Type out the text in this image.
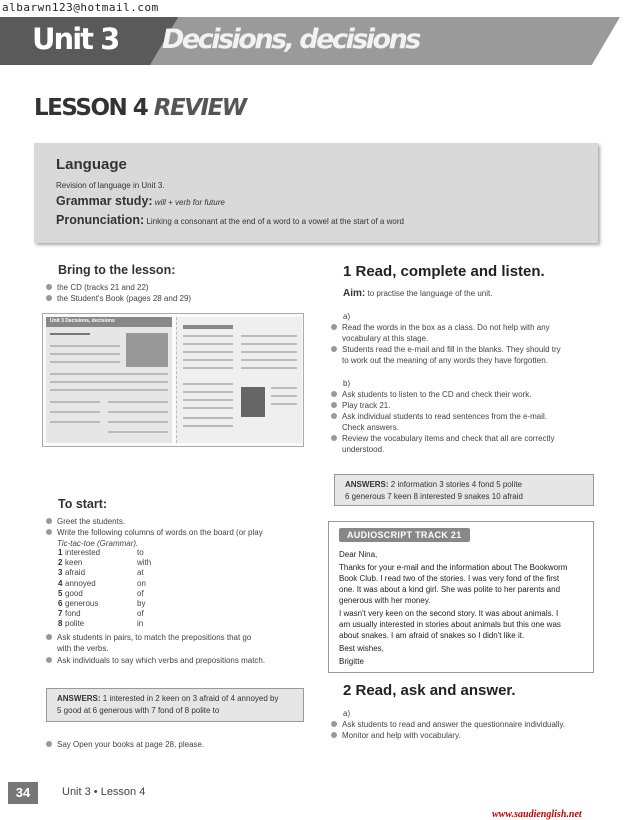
albarwn123@hotmail.com
Unit 3 Decisions, decisions
LESSON 4 REVIEW
Language
Revision of language in Unit 3.
Grammar study: will + verb for future
Pronunciation: Linking a consonant at the end of a word to a vowel at the start of a word
Bring to the lesson:
the CD (tracks 21 and 22)
the Student's Book (pages 28 and 29)
Unit 3 Decisions, decisions
To start:
Greet the students.
Write the following columns of words on the board (or play
Tic-tac-toe (Grammar).
1 interested	to
2 keen	with
3 afraid	at
4 annoyed	on
5 good	of
6 generous	by
7 fond	of
8 polite	in
Ask students in pairs, to match the prepositions that go
with the verbs.
Ask individuals to say which verbs and prepositions match.
ANSWERS: 1 interested in 2 keen on 3 afraid of 4 annoyed by
5 good at 6 generous with 7 fond of 8 polite to
Say Open your books at page 28, please.
1 Read, complete and listen.
Aim: to practise the language of the unit.
a)
Read the words in the box as a class. Do not help with any
vocabulary at this stage.
Students read the e-mail and fill in the blanks. They should try
to work out the meaning of any words they have forgotten.
b)
Ask students to listen to the CD and check their work.
Play track 21.
Ask individual students to read sentences from the e-mail.
Check answers.
Review the vocabulary items and check that all are correctly
understood.
ANSWERS: 2 information 3 stories 4 fond 5 polite
6 generous 7 keen 8 interested 9 snakes 10 afraid
AUDIOSCRIPT TRACK 21
Dear Nina,
Thanks for your e-mail and the information about The Bookworm
Book Club. I read two of the stories. I was very fond of the first
one. It was about a kind girl. She was polite to her parents and
generous with her money.
I wasn't very keen on the second story. It was about animals. I
am usually interested in stories about animals but this one was
about snakes. I am afraid of snakes so I didn't like it.
Best wishes,
Brigitte
2 Read, ask and answer.
a)
Ask students to read and answer the questionnaire individually.
Monitor and help with vocabulary.
34	Unit 3 • Lesson 4
www.saudienglish.net
